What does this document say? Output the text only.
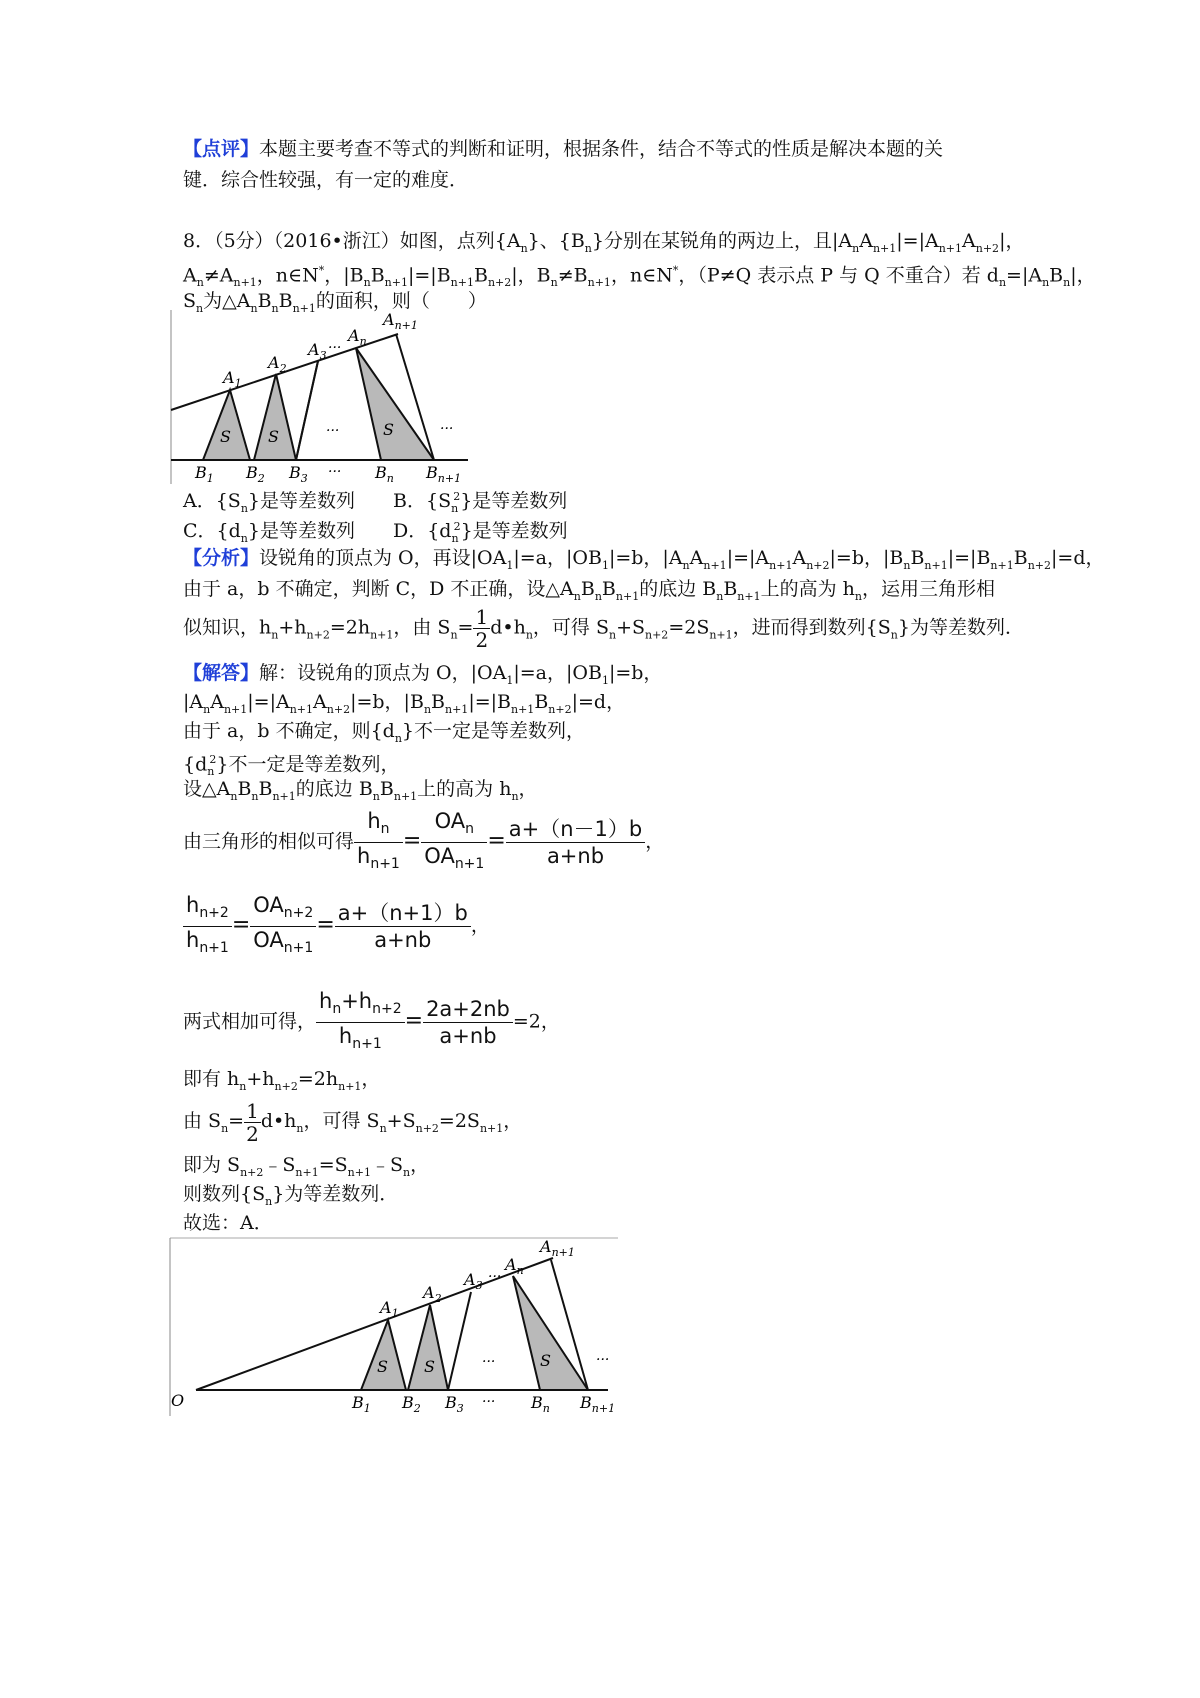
【点评】本题主要考查不等式的判断和证明，根据条件，结合不等式的性质是解决本题的关
键．综合性较强，有一定的难度．
8．（5分）（2016•浙江）如图，点列$\{A_n\}$、$\{B_n\}$分别在某锐角的两边上，且$|A_nA_{n+1}|=|A_{n+1}A_{n+2}|$，
$A_n\ne A_{n+1}$，n∈N*，$|B_nB_{n+1}|=|B_{n+1}B_{n+2}|$，$B_n\ne B_{n+1}$，n∈N*，（P≠Q 表示点 P 与 Q 不重合）若 $d_n=|A_nB_n|$，
$S_n$为$\triangle A_nB_nB_{n+1}$的面积，则（　　）
$A_1$
$A_2$
$A_3$ ···
$A_n$
$A_{n+1}$
S S	S
···	···
···
$B_1$ $B_2$ $B_3$	$B_n$ $B_{n+1}$
A．$\{S_n\}$是等差数列 B．$\{S_n^2\}$是等差数列
C．$\{d_n\}$是等差数列 D．$\{d_n^2\}$是等差数列
【分析】设锐角的顶点为 O，再设$|OA_1|=a$，$|OB_1|=b$，$|A_nA_{n+1}|=|A_{n+1}A_{n+2}|=b$，$|B_nB_{n+1}|=|B_{n+1}B_{n+2}|=d$，
由于 a，b 不确定，判断 C，D 不正确，设$\triangle A_nB_nB_{n+1}$的底边 $B_nB_{n+1}$上的高为 $h_n$，运用三角形相
似知识，$h_n+h_{n+2}=2h_{n+1}$，由 $S_n= \frac{1}{2}$ $d•h_n$，可得 $S_n+S_{n+2}=2S_{n+1}$，进而得到数列$\{S_n\}$为等差数列．
【解答】解：设锐角的顶点为 O，$|OA_1|=a$，$|OB_1|=b$，
$|A_nA_{n+1}|=|A_{n+1}A_{n+2}|=b$，$|B_nB_{n+1}|=|B_{n+1}B_{n+2}|=d$，
由于 a，b 不确定，则$\{d_n\}$不一定是等差数列，
$\{d_n^2\}$不一定是等差数列，
设$\triangle A_nB_nB_{n+1}$的底边 $B_nB_{n+1}$上的高为 $h_n$，
由三角形的相似可得 $\frac{h_n}{h_{n+1}} = \frac{OA_n}{OA_{n+1}} = \frac{a+(n-1)b}{a+nb}$ ，
$\frac{h_{n+2}}{h_{n+1}} = \frac{OA_{n+2}}{OA_{n+1}} = \frac{a+(n+1)b}{a+nb}$ ，
两式相加可得， $\frac{h_n+h_{n+2}}{h_{n+1}} = \frac{2a+2nb}{a+nb} =2$，
即有 $h_n+h_{n+2}=2h_{n+1}$，
由 $S_n= \frac{1}{2}$ $d•h_n$，可得 $S_n+S_{n+2}=2S_{n+1}$，
即为 $S_{n+2}﹣S_{n+1}=S_{n+1}﹣S_n$，
则数列$\{S_n\}$为等差数列．
故选：A．
$A_1$
$A_2$
$A_3$
···
$A_n$
$A_{n+1}$
S S	S
···	···
···
O	$B_1$ $B_2$ $B_3$	$B_n$ $B_{n+1}$
